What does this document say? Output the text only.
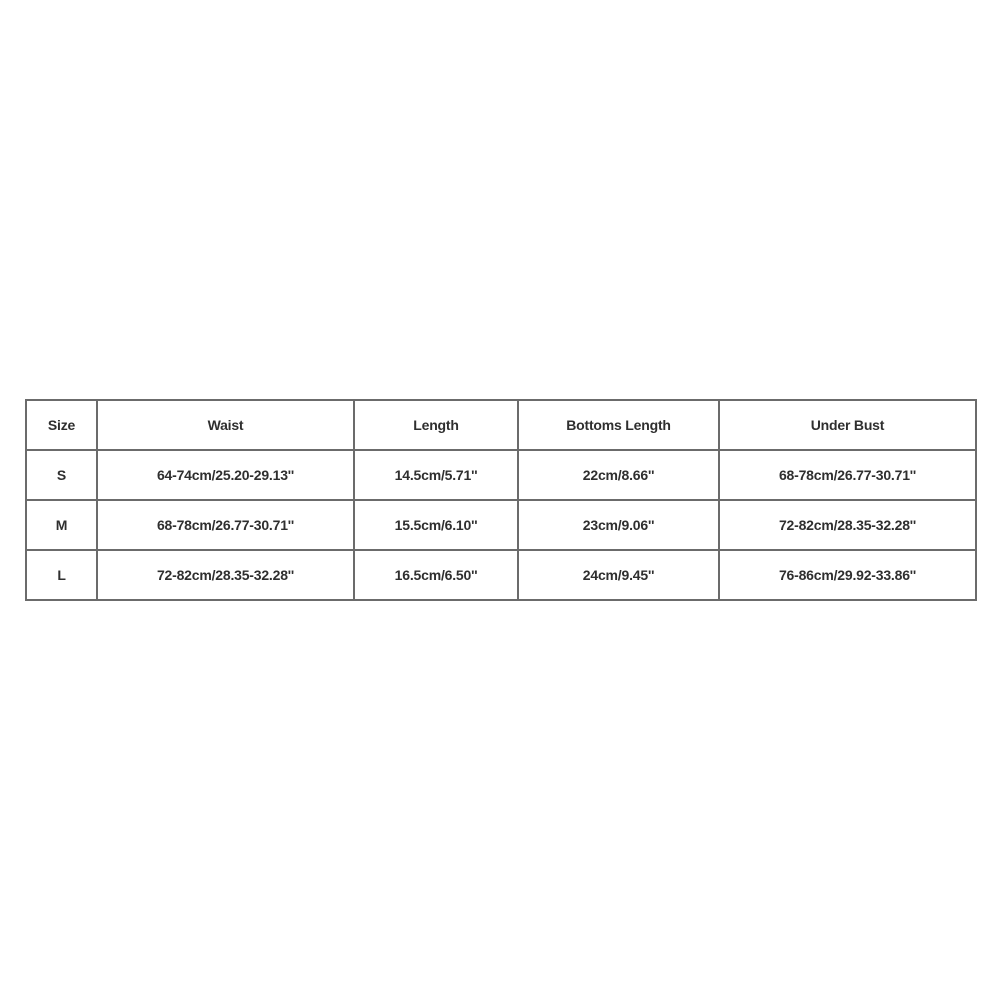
Size	Waist	Length	Bottoms Length	Under Bust
S	64-74cm/25.20-29.13''	14.5cm/5.71''	22cm/8.66''	68-78cm/26.77-30.71''
M	68-78cm/26.77-30.71''	15.5cm/6.10''	23cm/9.06''	72-82cm/28.35-32.28''
L	72-82cm/28.35-32.28''	16.5cm/6.50''	24cm/9.45''	76-86cm/29.92-33.86''
